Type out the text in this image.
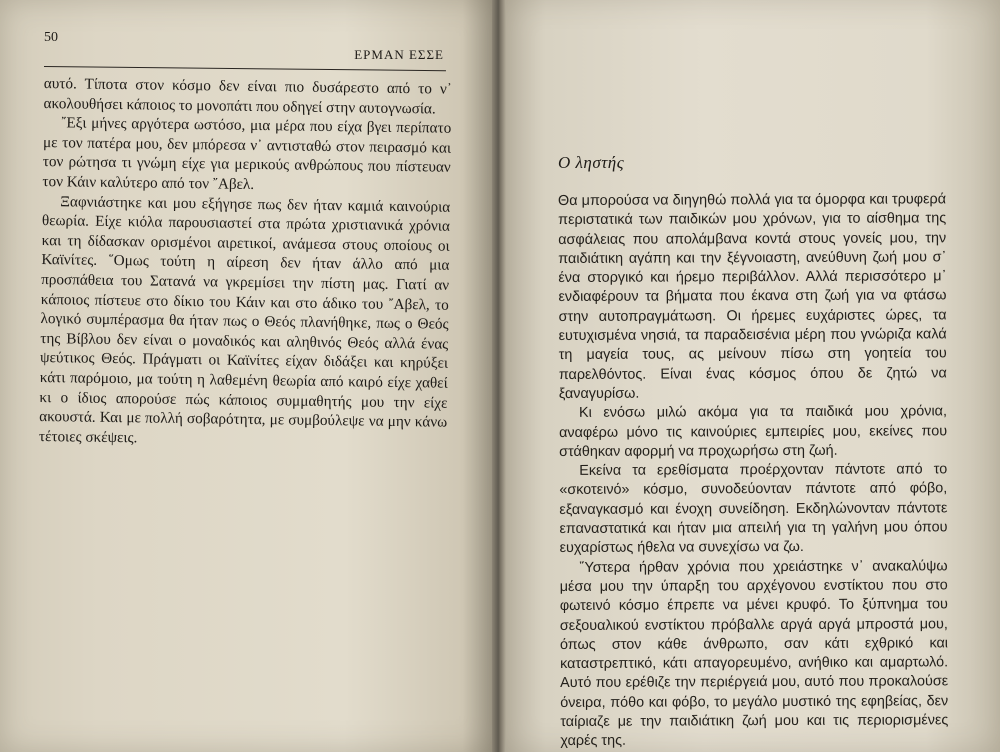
50
ΕΡΜΑΝ ΕΣΣΕ

αυτό. Τίποτα στον κόσμο δεν είναι πιο δυσάρεστο από το ν᾿ ακολουθήσει κάποιος το μονοπάτι που οδηγεί στην αυτογνωσία.

῎Εξι μήνες αργότερα ωστόσο, μια μέρα που είχα βγει περίπατο με τον πατέρα μου, δεν μπόρεσα ν᾿ αντισταθώ στον πειρασμό και τον ρώτησα τι γνώμη είχε για μερικούς ανθρώπους που πίστευαν τον Κάιν καλύτερο από τον ῎Αβελ.

Ξαφνιάστηκε και μου εξήγησε πως δεν ήταν καμιά καινούρια θεωρία. Είχε κιόλα παρουσιαστεί στα πρώτα χριστιανικά χρόνια και τη δίδασκαν ορισμένοι αιρετικοί, ανάμεσα στους οποίους οι Καϊνίτες. ῞Ομως τούτη η αίρεση δεν ήταν άλλο από μια προσπάθεια του Σατανά να γκρεμίσει την πίστη μας. Γιατί αν κάποιος πίστευε στο δίκιο του Κάιν και στο άδικο του ῎Αβελ, το λογικό συμπέρασμα θα ήταν πως ο Θεός πλανήθηκε, πως ο Θεός της Βίβλου δεν είναι ο μοναδικός και αληθινός Θεός αλλά ένας ψεύτικος Θεός. Πράγματι οι Καϊνίτες είχαν διδάξει και κηρύξει κάτι παρόμοιο, μα τούτη η λαθεμένη θεωρία από καιρό είχε χαθεί κι ο ίδιος απορούσε πώς κάποιος συμμαθητής μου την είχε ακουστά. Και με πολλή σοβαρότητα, με συμβούλεψε να μην κάνω τέτοιες σκέψεις.

Ο ληστής

Θα μπορούσα να διηγηθώ πολλά για τα όμορφα και τρυφερά περιστατικά των παιδικών μου χρόνων, για το αίσθημα της ασφάλειας που απολάμβανα κοντά στους γονείς μου, την παιδιάτικη αγάπη και την ξέγνοιαστη, ανεύθυνη ζωή μου σ᾿ ένα στοργικό και ήρεμο περιβάλλον. Αλλά περισσότερο μ᾿ ενδιαφέρουν τα βήματα που έκανα στη ζωή για να φτάσω στην αυτοπραγμάτωση. Οι ήρεμες ευχάριστες ώρες, τα ευτυχισμένα νησιά, τα παραδεισένια μέρη που γνώριζα καλά τη μαγεία τους, ας μείνουν πίσω στη γοητεία του παρελθόντος. Είναι ένας κόσμος όπου δε ζητώ να ξαναγυρίσω.

Κι ενόσω μιλώ ακόμα για τα παιδικά μου χρόνια, αναφέρω μόνο τις καινούριες εμπειρίες μου, εκείνες που στάθηκαν αφορμή να προχωρήσω στη ζωή.

Εκείνα τα ερεθίσματα προέρχονταν πάντοτε από το «σκοτεινό» κόσμο, συνοδεύονταν πάντοτε από φόβο, εξαναγκασμό και ένοχη συνείδηση. Εκδηλώνονταν πάντοτε επαναστατικά και ήταν μια απειλή για τη γαλήνη μου όπου ευχαρίστως ήθελα να συνεχίσω να ζω.

῞Υστερα ήρθαν χρόνια που χρειάστηκε ν᾿ ανακαλύψω μέσα μου την ύπαρξη του αρχέγονου ενστίκτου που στο φωτεινό κόσμο έπρεπε να μένει κρυφό. Το ξύπνημα του σεξουαλικού ενστίκτου πρόβαλλε αργά αργά μπροστά μου, όπως στον κάθε άνθρωπο, σαν κάτι εχθρικό και καταστρεπτικό, κάτι απαγορευμένο, ανήθικο και αμαρτωλό. Αυτό που ερέθιζε την περιέργειά μου, αυτό που προκαλούσε όνειρα, πόθο και φόβο, το μεγάλο μυστικό της εφηβείας, δεν ταίριαζε με την παιδιάτικη ζωή μου και τις περιορισμένες χαρές της.
